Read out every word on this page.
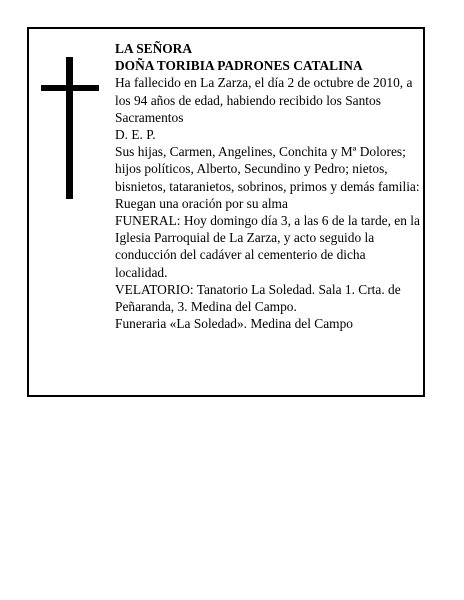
LA SEÑORA

DOÑA TORIBIA PADRONES CATALINA

Ha fallecido en La Zarza, el día 2 de octubre de 2010, a los 94 años de edad, habiendo recibido los Santos Sacramentos

D. E. P.

Sus hijas, Carmen, Angelines, Conchita y Mª Dolores; hijos políticos, Alberto, Secundino y Pedro; nietos, bisnietos, tataranietos, sobrinos, primos y demás familia:

Ruegan una oración por su alma

FUNERAL: Hoy domingo día 3, a las 6 de la tarde, en la Iglesia Parroquial de La Zarza, y acto seguido la conducción del cadáver al cementerio de dicha localidad.

VELATORIO: Tanatorio La Soledad. Sala 1. Crta. de Peñaranda, 3. Medina del Campo.

Funeraria «La Soledad». Medina del Campo
